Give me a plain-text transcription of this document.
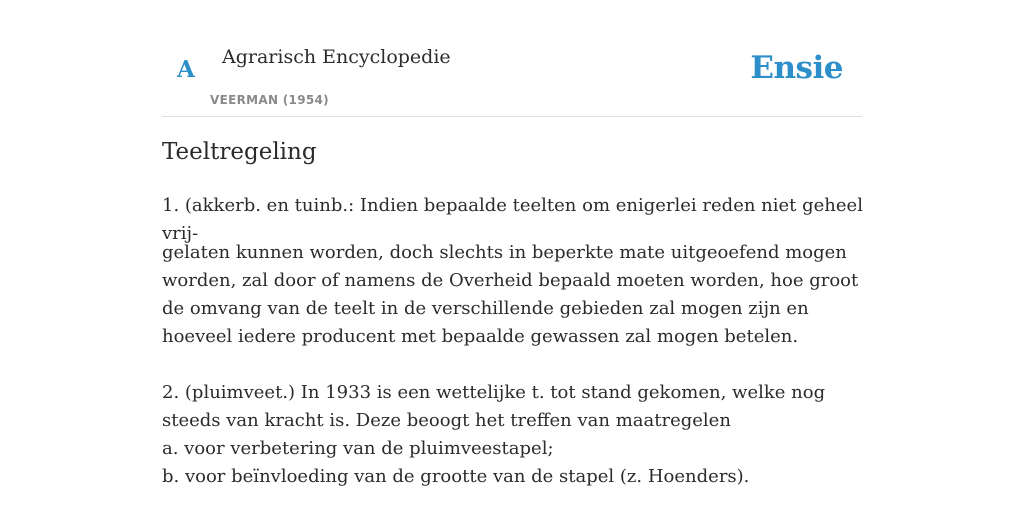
A Agrarisch Encyclopedie
VEERMAN (1954)
Ensie
Teeltregeling

1. (akkerb. en tuinb.: Indien bepaalde teelten om enigerlei reden niet geheel vrij-

gelaten kunnen worden, doch slechts in beperkte mate uitgeoefend mogen worden, zal door of namens de Overheid bepaald moeten worden, hoe groot de omvang van de teelt in de verschillende gebieden zal mogen zijn en hoeveel iedere producent met bepaalde gewassen zal mogen betelen.

2. (pluimveet.) In 1933 is een wettelijke t. tot stand gekomen, welke nog steeds van kracht is. Deze beoogt het treffen van maatregelen
a. voor verbetering van de pluimveestapel;
b. voor beïnvloeding van de grootte van de stapel (z. Hoenders).
